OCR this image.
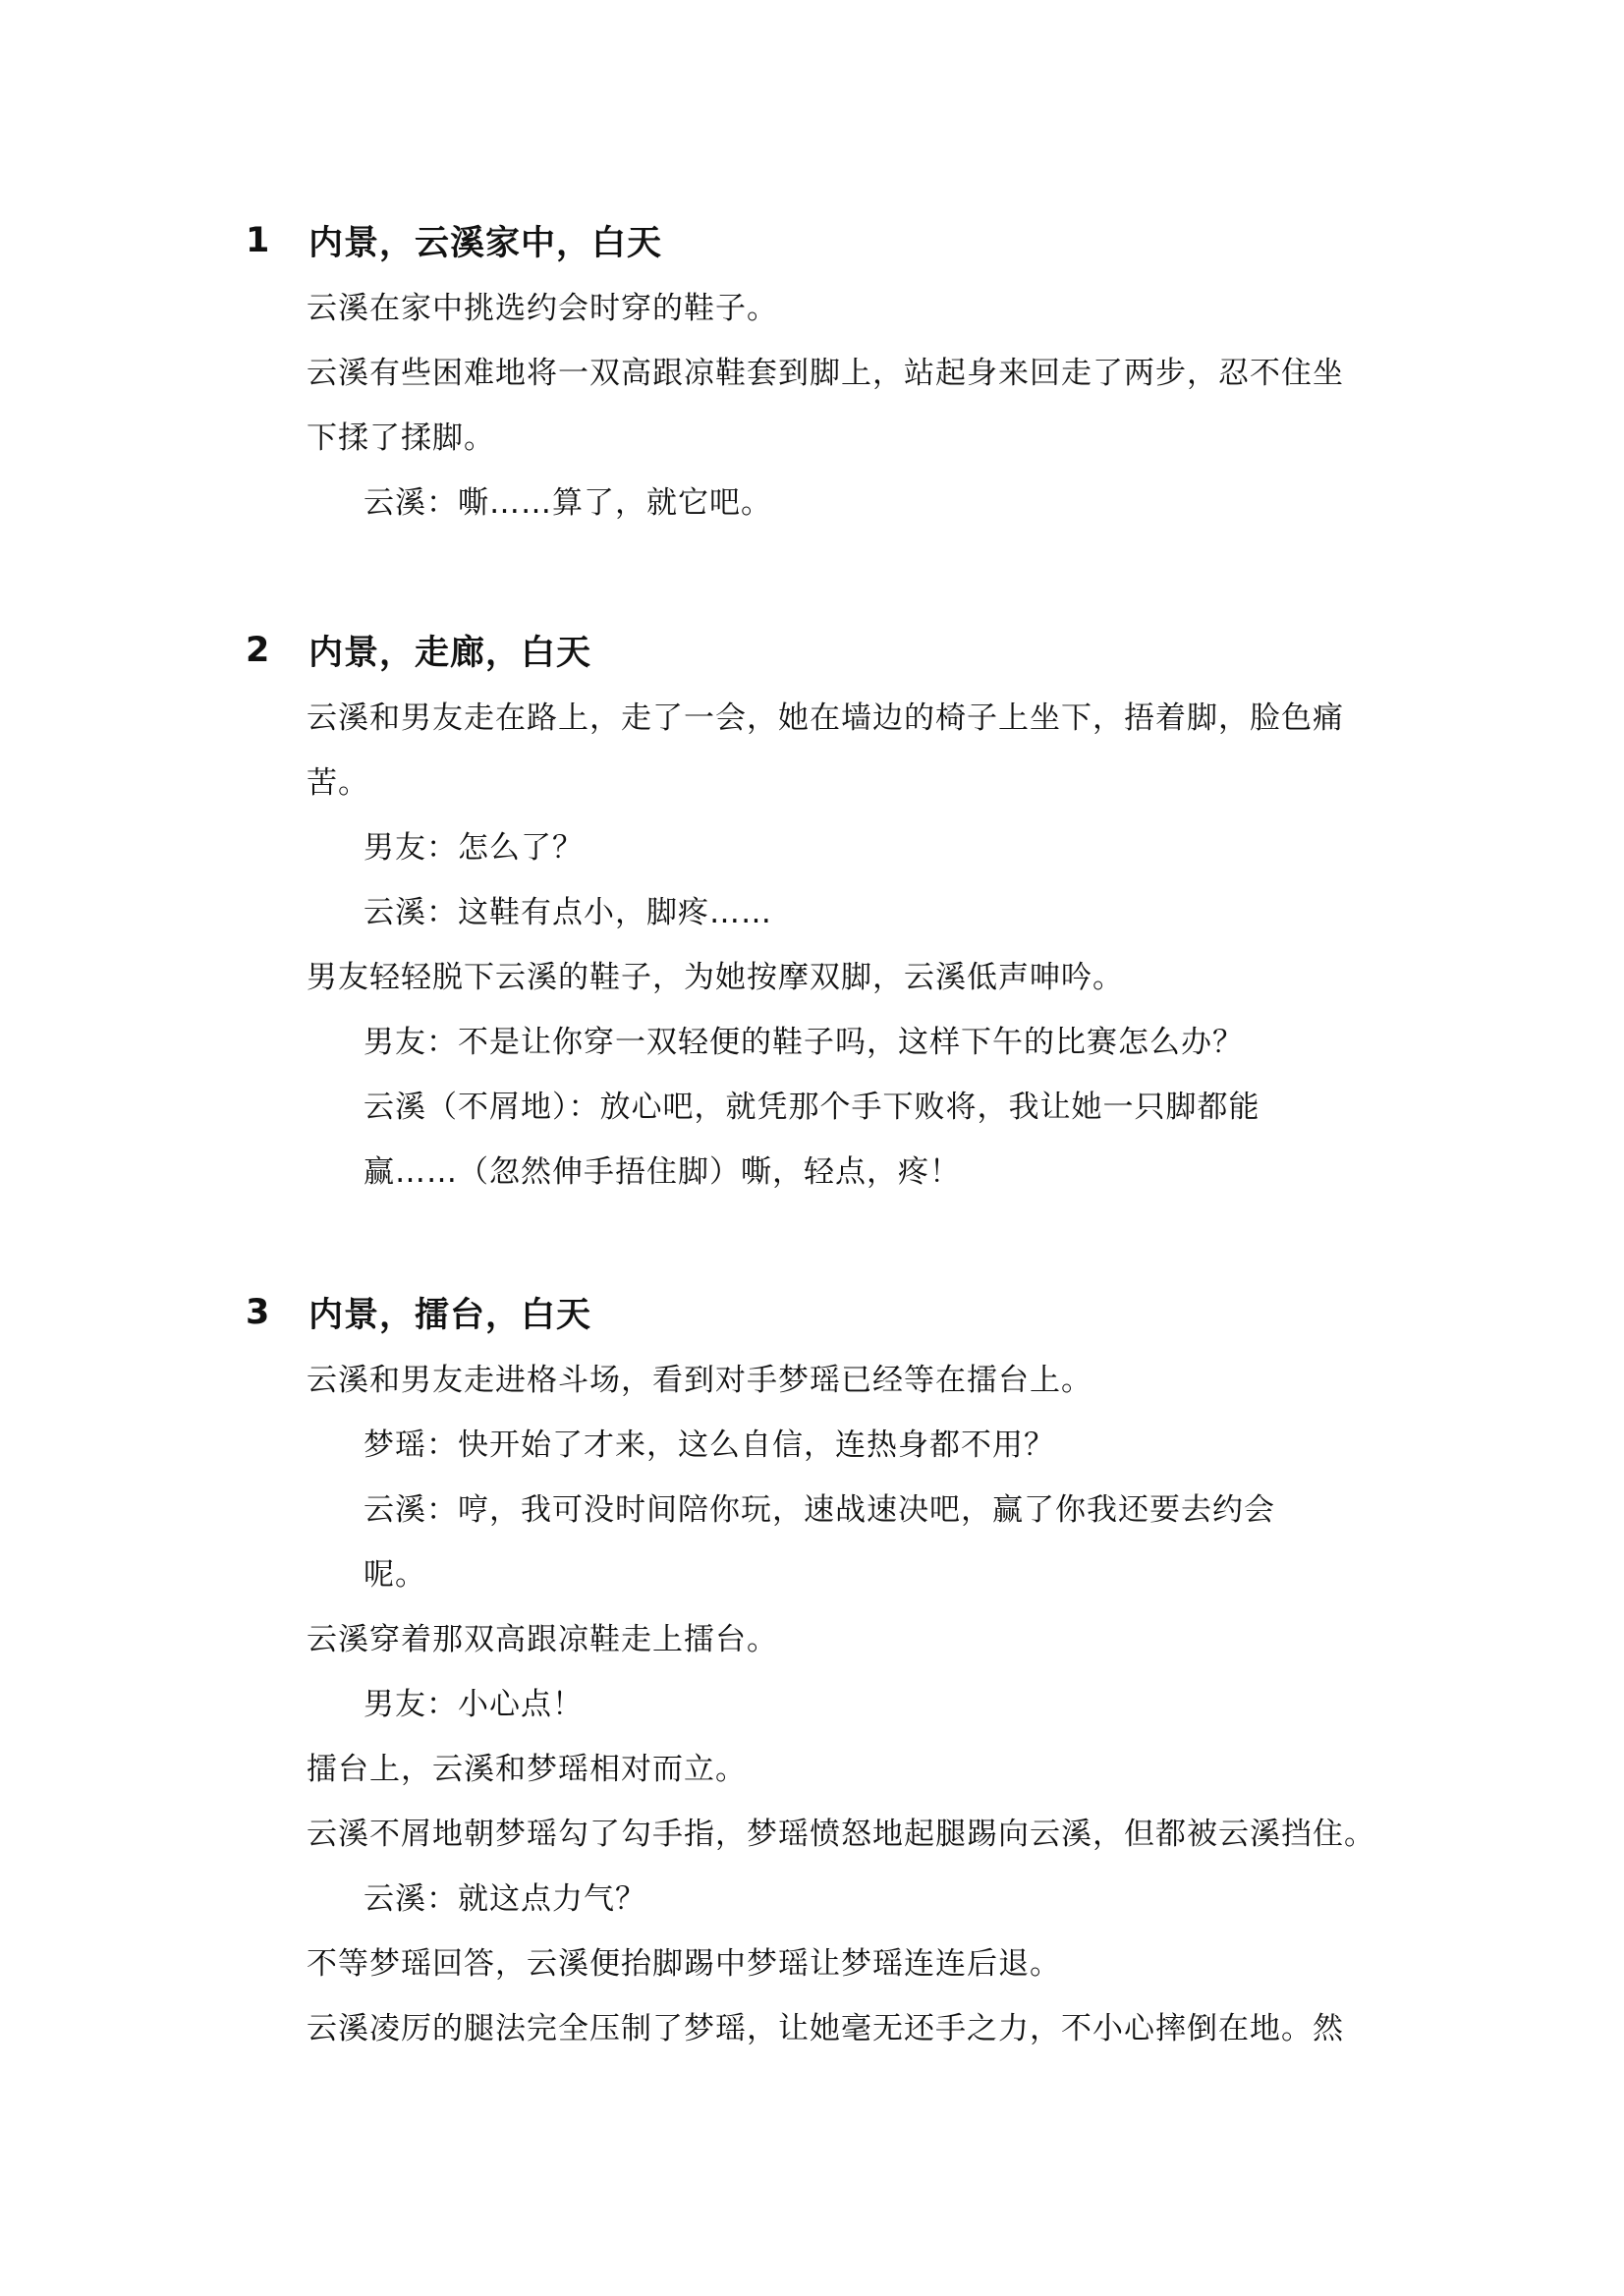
1	内景，云溪家中，白天
云溪在家中挑选约会时穿的鞋子。
云溪有些困难地将一双高跟凉鞋套到脚上，站起身来回走了两步，忍不住坐
下揉了揉脚。
云溪：嘶……算了，就它吧。
2	内景，走廊，白天
云溪和男友走在路上，走了一会，她在墙边的椅子上坐下，捂着脚，脸色痛
苦。
男友：怎么了？
云溪：这鞋有点小，脚疼……
男友轻轻脱下云溪的鞋子，为她按摩双脚，云溪低声呻吟。
男友：不是让你穿一双轻便的鞋子吗，这样下午的比赛怎么办？
云溪（不屑地）：放心吧，就凭那个手下败将，我让她一只脚都能
赢……（忽然伸手捂住脚）嘶，轻点，疼！
3	内景，擂台，白天
云溪和男友走进格斗场，看到对手梦瑶已经等在擂台上。
梦瑶：快开始了才来，这么自信，连热身都不用？
云溪：哼，我可没时间陪你玩，速战速决吧，赢了你我还要去约会
呢。
云溪穿着那双高跟凉鞋走上擂台。
男友：小心点！
擂台上，云溪和梦瑶相对而立。
云溪不屑地朝梦瑶勾了勾手指，梦瑶愤怒地起腿踢向云溪，但都被云溪挡住。
云溪：就这点力气？
不等梦瑶回答，云溪便抬脚踢中梦瑶让梦瑶连连后退。
云溪凌厉的腿法完全压制了梦瑶，让她毫无还手之力，不小心摔倒在地。然
